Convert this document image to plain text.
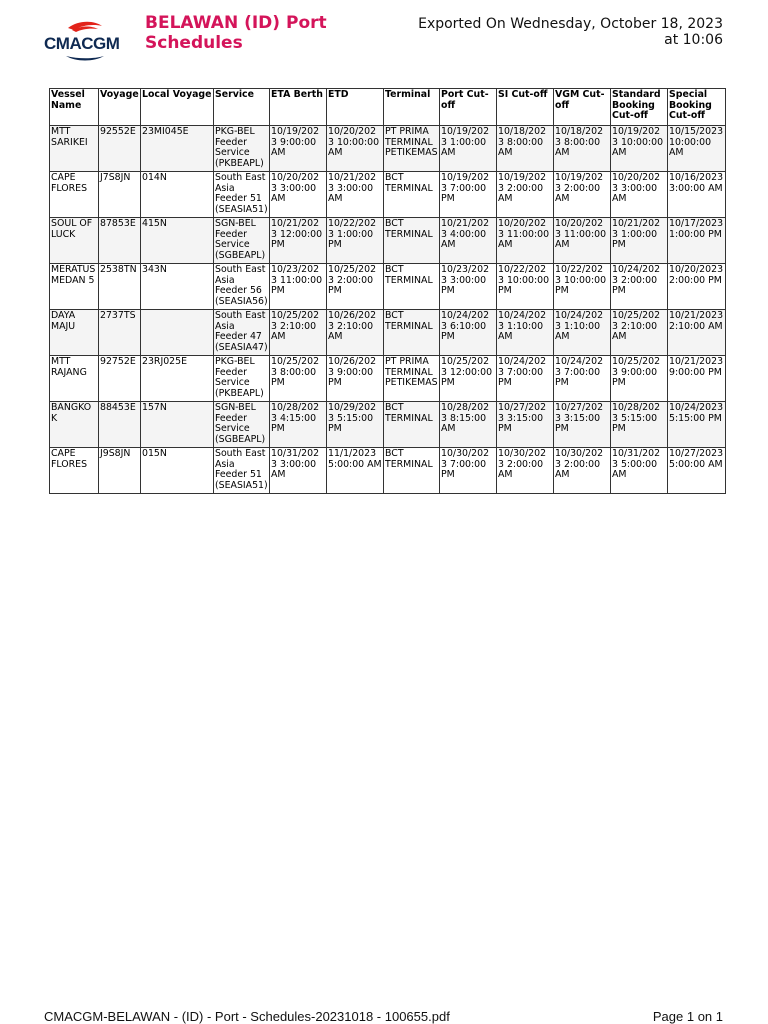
CMACGM
BELAWAN (ID) Port Schedules
Exported On Wednesday, October 18, 2023
at 10:06
Vessel Name	Voyage	Local Voyage	Service	ETA Berth	ETD	Terminal	Port Cut-off	SI Cut-off	VGM Cut-off	Standard Booking Cut-off	Special Booking Cut-off
MTT SARIKEI	92552E	23MI045E	PKG-BEL Feeder Service (PKBEAPL)	10/19/2023 9:00:00 AM	10/20/2023 10:00:00 AM	PT PRIMA TERMINAL PETIKEMAS	10/19/2023 1:00:00 AM	10/18/2023 8:00:00 AM	10/18/2023 8:00:00 AM	10/19/2023 10:00:00 AM	10/15/2023 10:00:00 AM
CAPE FLORES	J7S8JN	014N	South East Asia Feeder 51 (SEASIA51)	10/20/2023 3:00:00 AM	10/21/2023 3:00:00 AM	BCT TERMINAL	10/19/2023 7:00:00 PM	10/19/2023 2:00:00 AM	10/19/2023 2:00:00 AM	10/20/2023 3:00:00 AM	10/16/2023 3:00:00 AM
SOUL OF LUCK	87853E	415N	SGN-BEL Feeder Service (SGBEAPL)	10/21/2023 12:00:00 PM	10/22/2023 1:00:00 PM	BCT TERMINAL	10/21/2023 4:00:00 AM	10/20/2023 11:00:00 AM	10/20/2023 11:00:00 AM	10/21/2023 1:00:00 PM	10/17/2023 1:00:00 PM
MERATUS MEDAN 5	2538TN	343N	South East Asia Feeder 56 (SEASIA56)	10/23/2023 11:00:00 PM	10/25/2023 2:00:00 PM	BCT TERMINAL	10/23/2023 3:00:00 PM	10/22/2023 10:00:00 PM	10/22/2023 10:00:00 PM	10/24/2023 2:00:00 PM	10/20/2023 2:00:00 PM
DAYA MAJU	2737TS		South East Asia Feeder 47 (SEASIA47)	10/25/2023 2:10:00 AM	10/26/2023 2:10:00 AM	BCT TERMINAL	10/24/2023 6:10:00 PM	10/24/2023 1:10:00 AM	10/24/2023 1:10:00 AM	10/25/2023 2:10:00 AM	10/21/2023 2:10:00 AM
MTT RAJANG	92752E	23RJ025E	PKG-BEL Feeder Service (PKBEAPL)	10/25/2023 8:00:00 PM	10/26/2023 9:00:00 PM	PT PRIMA TERMINAL PETIKEMAS	10/25/2023 12:00:00 PM	10/24/2023 7:00:00 PM	10/24/2023 7:00:00 PM	10/25/2023 9:00:00 PM	10/21/2023 9:00:00 PM
BANGKOK	88453E	157N	SGN-BEL Feeder Service (SGBEAPL)	10/28/2023 4:15:00 PM	10/29/2023 5:15:00 PM	BCT TERMINAL	10/28/2023 8:15:00 AM	10/27/2023 3:15:00 PM	10/27/2023 3:15:00 PM	10/28/2023 5:15:00 PM	10/24/2023 5:15:00 PM
CAPE FLORES	J9S8JN	015N	South East Asia Feeder 51 (SEASIA51)	10/31/2023 3:00:00 AM	11/1/2023 5:00:00 AM	BCT TERMINAL	10/30/2023 7:00:00 PM	10/30/2023 2:00:00 AM	10/30/2023 2:00:00 AM	10/31/2023 5:00:00 AM	10/27/2023 5:00:00 AM
CMACGM-BELAWAN - (ID) - Port - Schedules-20231018 - 100655.pdf	Page 1 on 1
